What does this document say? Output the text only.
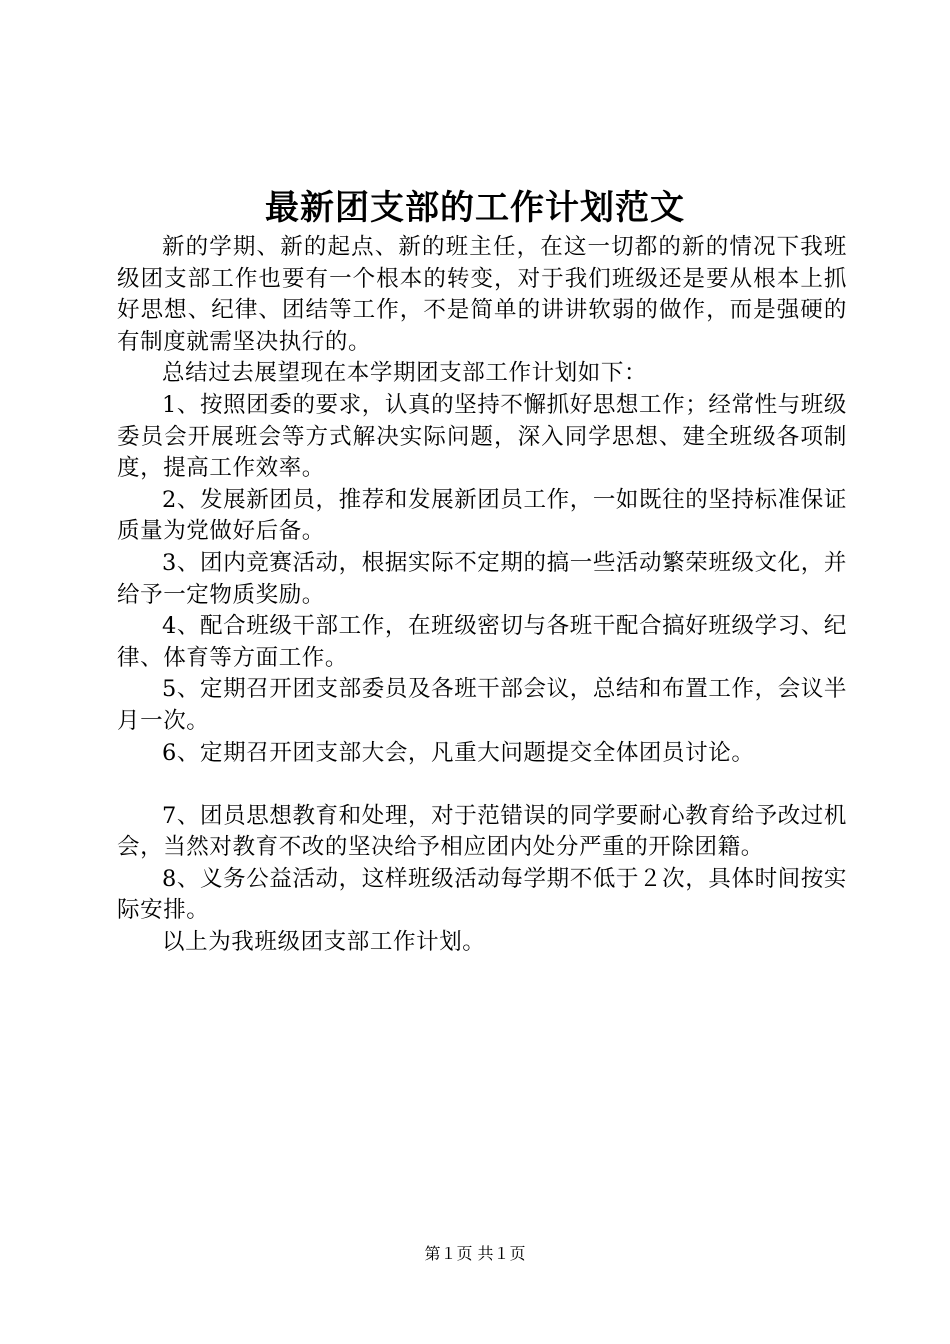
最新团支部的工作计划范文

新的学期、新的起点、新的班主任，在这一切都的新的情况下我班级团支部工作也要有一个根本的转变，对于我们班级还是要从根本上抓好思想、纪律、团结等工作，不是简单的讲讲软弱的做作，而是强硬的有制度就需坚决执行的。

总结过去展望现在本学期团支部工作计划如下：

1、按照团委的要求，认真的坚持不懈抓好思想工作；经常性与班级委员会开展班会等方式解决实际问题，深入同学思想、建全班级各项制度，提高工作效率。

2、发展新团员，推荐和发展新团员工作，一如既往的坚持标准保证质量为党做好后备。

3、团内竞赛活动，根据实际不定期的搞一些活动繁荣班级文化，并给予一定物质奖励。

4、配合班级干部工作，在班级密切与各班干配合搞好班级学习、纪律、体育等方面工作。

5、定期召开团支部委员及各班干部会议，总结和布置工作，会议半月一次。

6、定期召开团支部大会，凡重大问题提交全体团员讨论。

7、团员思想教育和处理，对于范错误的同学要耐心教育给予改过机会，当然对教育不改的坚决给予相应团内处分严重的开除团籍。

8、义务公益活动，这样班级活动每学期不低于２次，具体时间按实际安排。

以上为我班级团支部工作计划。

第１页 共１页
